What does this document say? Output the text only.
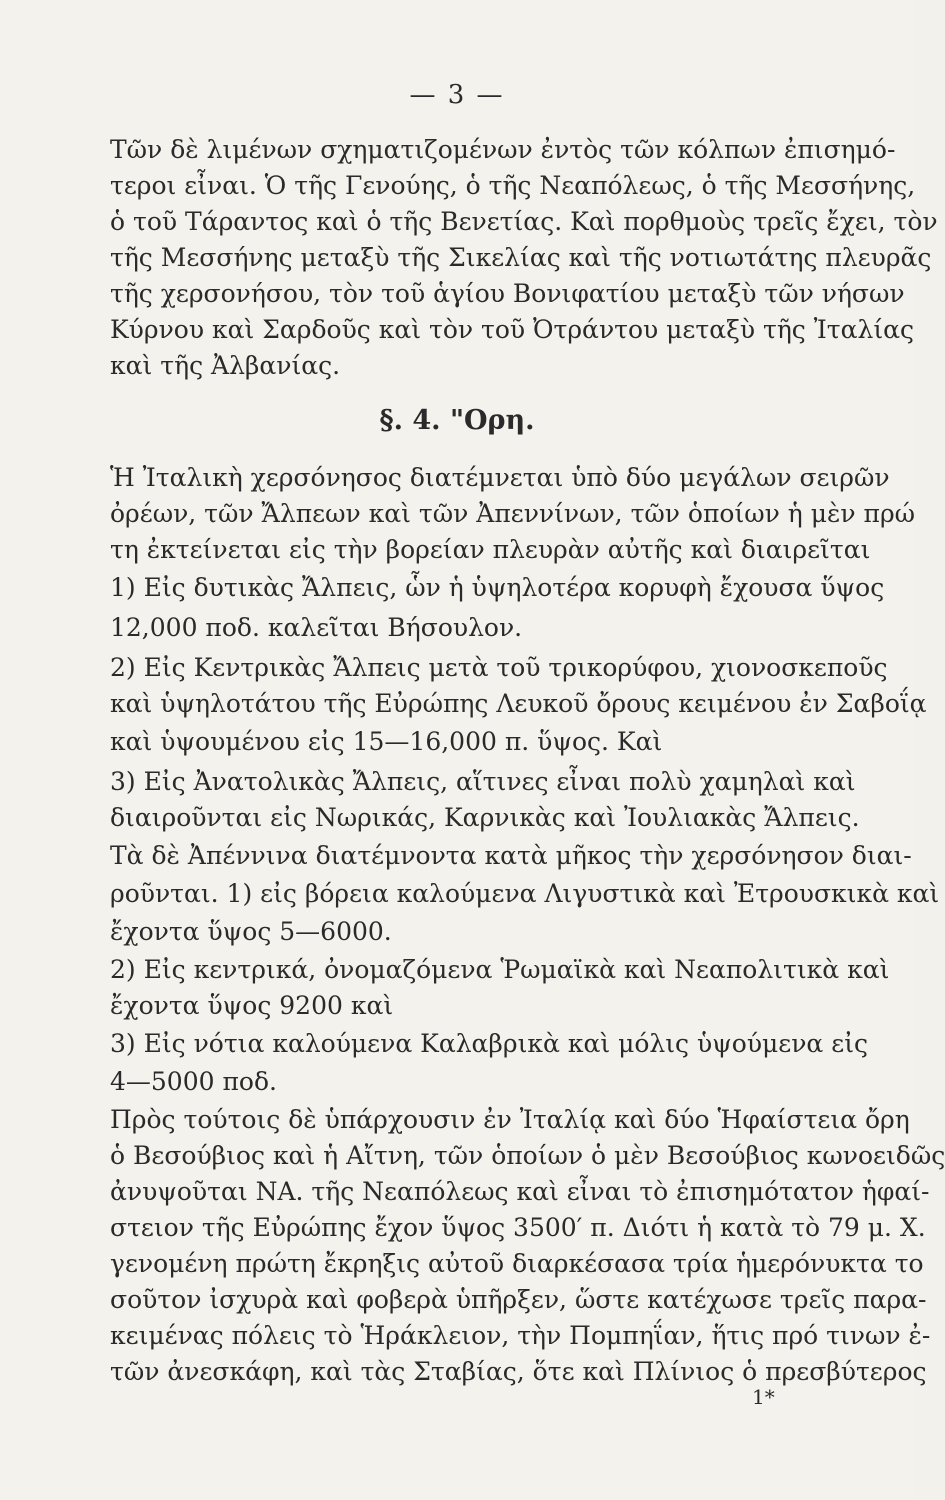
— 3 —
Τῶν δὲ λιμένων σχηματιζομένων ἐντὸς τῶν κόλπων ἐπισημό-
τεροι εἶναι. Ὁ τῆς Γενούης, ὁ τῆς Νεαπόλεως, ὁ τῆς Μεσσήνης,
ὁ τοῦ Τάραντος καὶ ὁ τῆς Βενετίας. Καὶ πορθμοὺς τρεῖς ἔχει, τὸν
τῆς Μεσσήνης μεταξὺ τῆς Σικελίας καὶ τῆς νοτιωτάτης πλευρᾶς
τῆς χερσονήσου, τὸν τοῦ ἁγίου Βονιφατίου μεταξὺ τῶν νήσων
Κύρνου καὶ Σαρδοῦς καὶ τὸν τοῦ Ὀτράντου μεταξὺ τῆς Ἰταλίας
καὶ τῆς Ἀλβανίας.
§. 4. "Ορη.
Ἡ Ἰταλικὴ χερσόνησος διατέμνεται ὑπὸ δύο μεγάλων σειρῶν
ὀρέων, τῶν Ἄλπεων καὶ τῶν Ἀπεννίνων, τῶν ὁποίων ἡ μὲν πρώ
τη ἐκτείνεται εἰς τὴν βορείαν πλευρὰν αὐτῆς καὶ διαιρεῖται
1) Εἰς δυτικὰς Ἄλπεις, ὧν ἡ ὑψηλοτέρα κορυφὴ ἔχουσα ὕψος
12,000 ποδ. καλεῖται Βήσουλον.
2) Εἰς Κεντρικὰς Ἄλπεις μετὰ τοῦ τρικορύφου, χιονοσκεποῦς
καὶ ὑψηλοτάτου τῆς Εὐρώπης Λευκοῦ ὄρους κειμένου ἐν Σαβοΐᾳ
καὶ ὑψουμένου εἰς 15—16,000 π. ὕψος. Καὶ
3) Εἰς Ἀνατολικὰς Ἄλπεις, αἵτινες εἶναι πολὺ χαμηλαὶ καὶ
διαιροῦνται εἰς Νωρικάς, Καρνικὰς καὶ Ἰουλιακὰς Ἄλπεις.
Τὰ δὲ Ἀπέννινα διατέμνοντα κατὰ μῆκος τὴν χερσόνησον διαι-
ροῦνται. 1) εἰς βόρεια καλούμενα Λιγυστικὰ καὶ Ἐτρουσκικὰ καὶ
ἔχοντα ὕψος 5—6000.
2) Εἰς κεντρικά, ὀνομαζόμενα Ῥωμαϊκὰ καὶ Νεαπολιτικὰ καὶ
ἔχοντα ὕψος 9200 καὶ
3) Εἰς νότια καλούμενα Καλαβρικὰ καὶ μόλις ὑψούμενα εἰς
4—5000 ποδ.
Πρὸς τούτοις δὲ ὑπάρχουσιν ἐν Ἰταλίᾳ καὶ δύο Ἡφαίστεια ὄρη
ὁ Βεσούβιος καὶ ἡ Αἴτνη, τῶν ὁποίων ὁ μὲν Βεσούβιος κωνοειδῶς
ἀνυψοῦται ΝΑ. τῆς Νεαπόλεως καὶ εἶναι τὸ ἐπισημότατον ἡφαί-
στειον τῆς Εὐρώπης ἔχον ὕψος 3500′ π. Διότι ἡ κατὰ τὸ 79 μ. Χ.
γενομένη πρώτη ἔκρηξις αὐτοῦ διαρκέσασα τρία ἡμερόνυκτα το
σοῦτον ἰσχυρὰ καὶ φοβερὰ ὑπῆρξεν, ὥστε κατέχωσε τρεῖς παρα-
κειμένας πόλεις τὸ Ἡράκλειον, τὴν Πομπηΐαν, ἥτις πρό τινων ἐ-
τῶν ἀνεσκάφη, καὶ τὰς Σταβίας, ὅτε καὶ Πλίνιος ὁ πρεσβύτερος
1*
